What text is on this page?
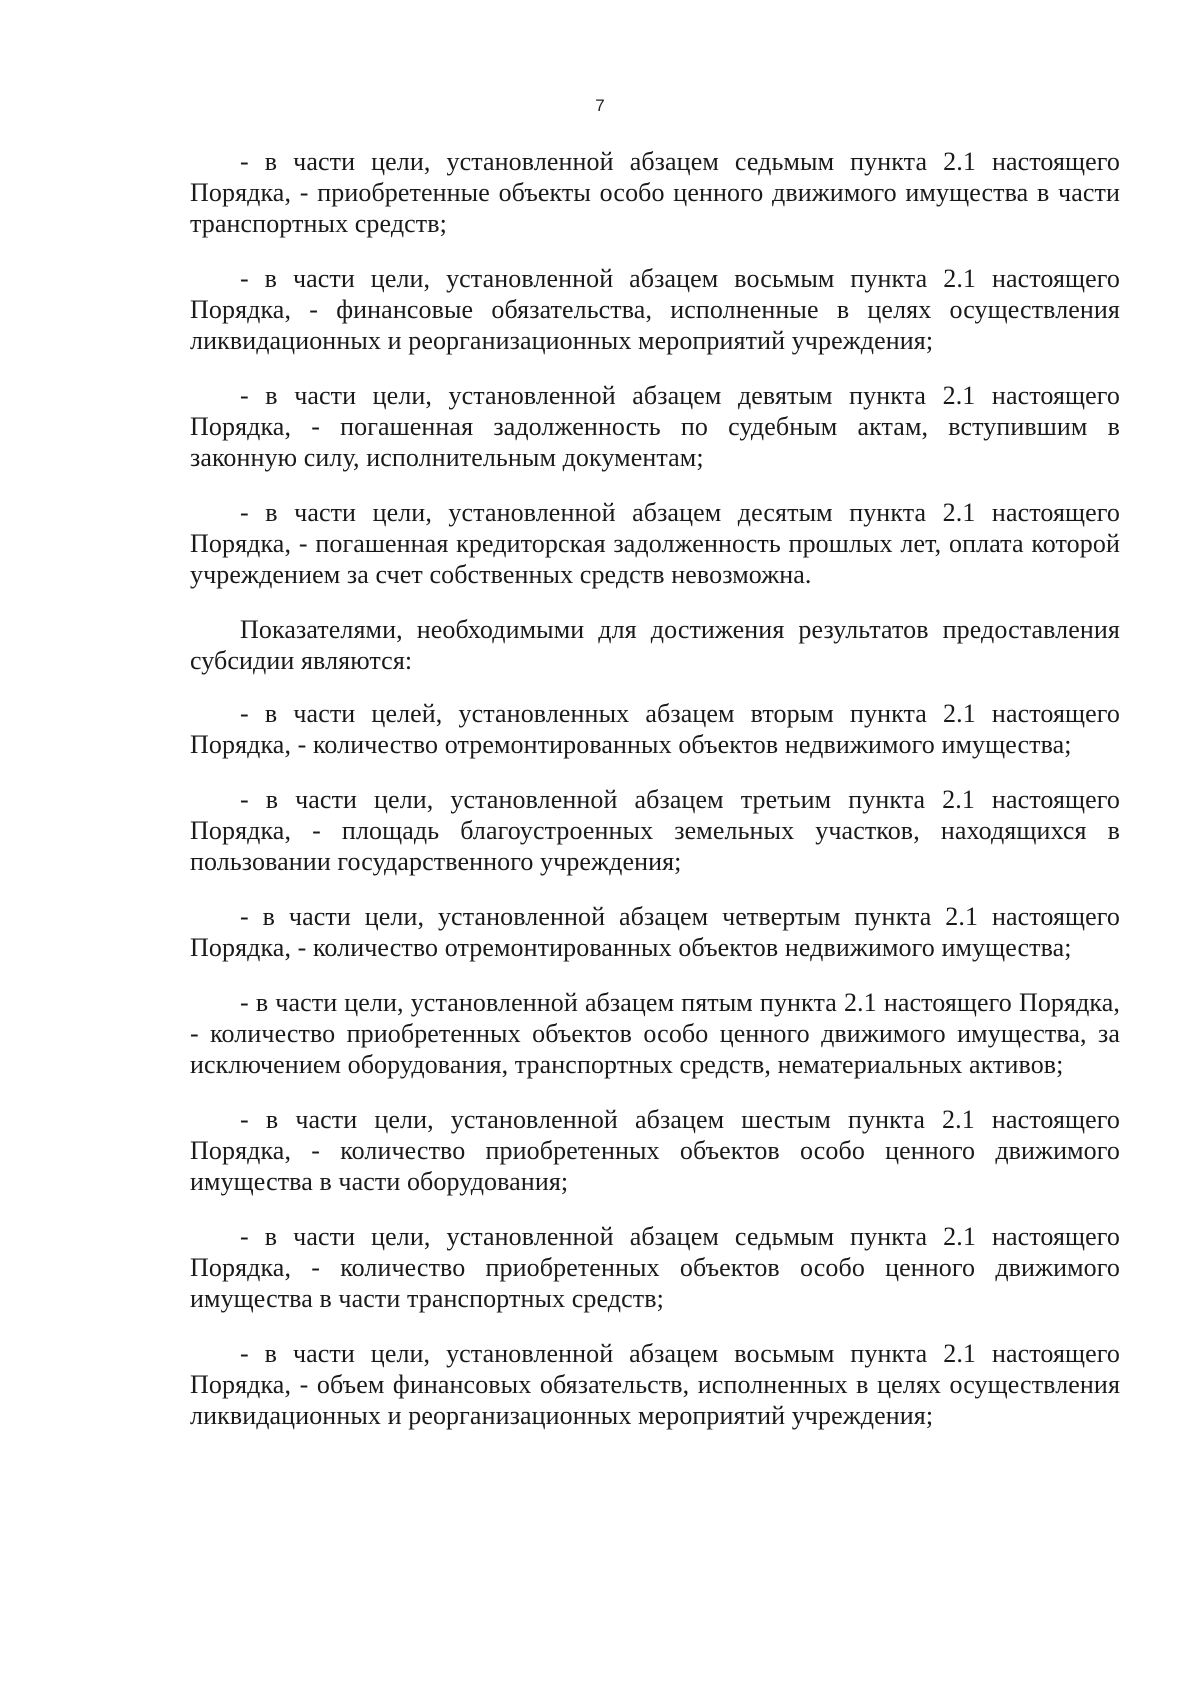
7

- в части цели, установленной абзацем седьмым пункта 2.1 настоящего Порядка, - приобретенные объекты особо ценного движимого имущества в части транспортных средств;

- в части цели, установленной абзацем восьмым пункта 2.1 настоящего Порядка, - финансовые обязательства, исполненные в целях осуществления ликвидационных и реорганизационных мероприятий учреждения;

- в части цели, установленной абзацем девятым пункта 2.1 настоящего Порядка, - погашенная задолженность по судебным актам, вступившим в законную силу, исполнительным документам;

- в части цели, установленной абзацем десятым пункта 2.1 настоящего Порядка, - погашенная кредиторская задолженность прошлых лет, оплата которой учреждением за счет собственных средств невозможна.

Показателями, необходимыми для достижения результатов предоставления субсидии являются:

- в части целей, установленных абзацем вторым пункта 2.1 настоящего Порядка, - количество отремонтированных объектов недвижимого имущества;

- в части цели, установленной абзацем третьим пункта 2.1 настоящего Порядка, - площадь благоустроенных земельных участков, находящихся в пользовании государственного учреждения;

- в части цели, установленной абзацем четвертым пункта 2.1 настоящего Порядка, - количество отремонтированных объектов недвижимого имущества;

- в части цели, установленной абзацем пятым пункта 2.1 настоящего Порядка, - количество приобретенных объектов особо ценного движимого имущества, за исключением оборудования, транспортных средств, нематериальных активов;

- в части цели, установленной абзацем шестым пункта 2.1 настоящего Порядка, - количество приобретенных объектов особо ценного движимого имущества в части оборудования;

- в части цели, установленной абзацем седьмым пункта 2.1 настоящего Порядка, - количество приобретенных объектов особо ценного движимого имущества в части транспортных средств;

- в части цели, установленной абзацем восьмым пункта 2.1 настоящего Порядка, - объем финансовых обязательств, исполненных в целях осуществления ликвидационных и реорганизационных мероприятий учреждения;
